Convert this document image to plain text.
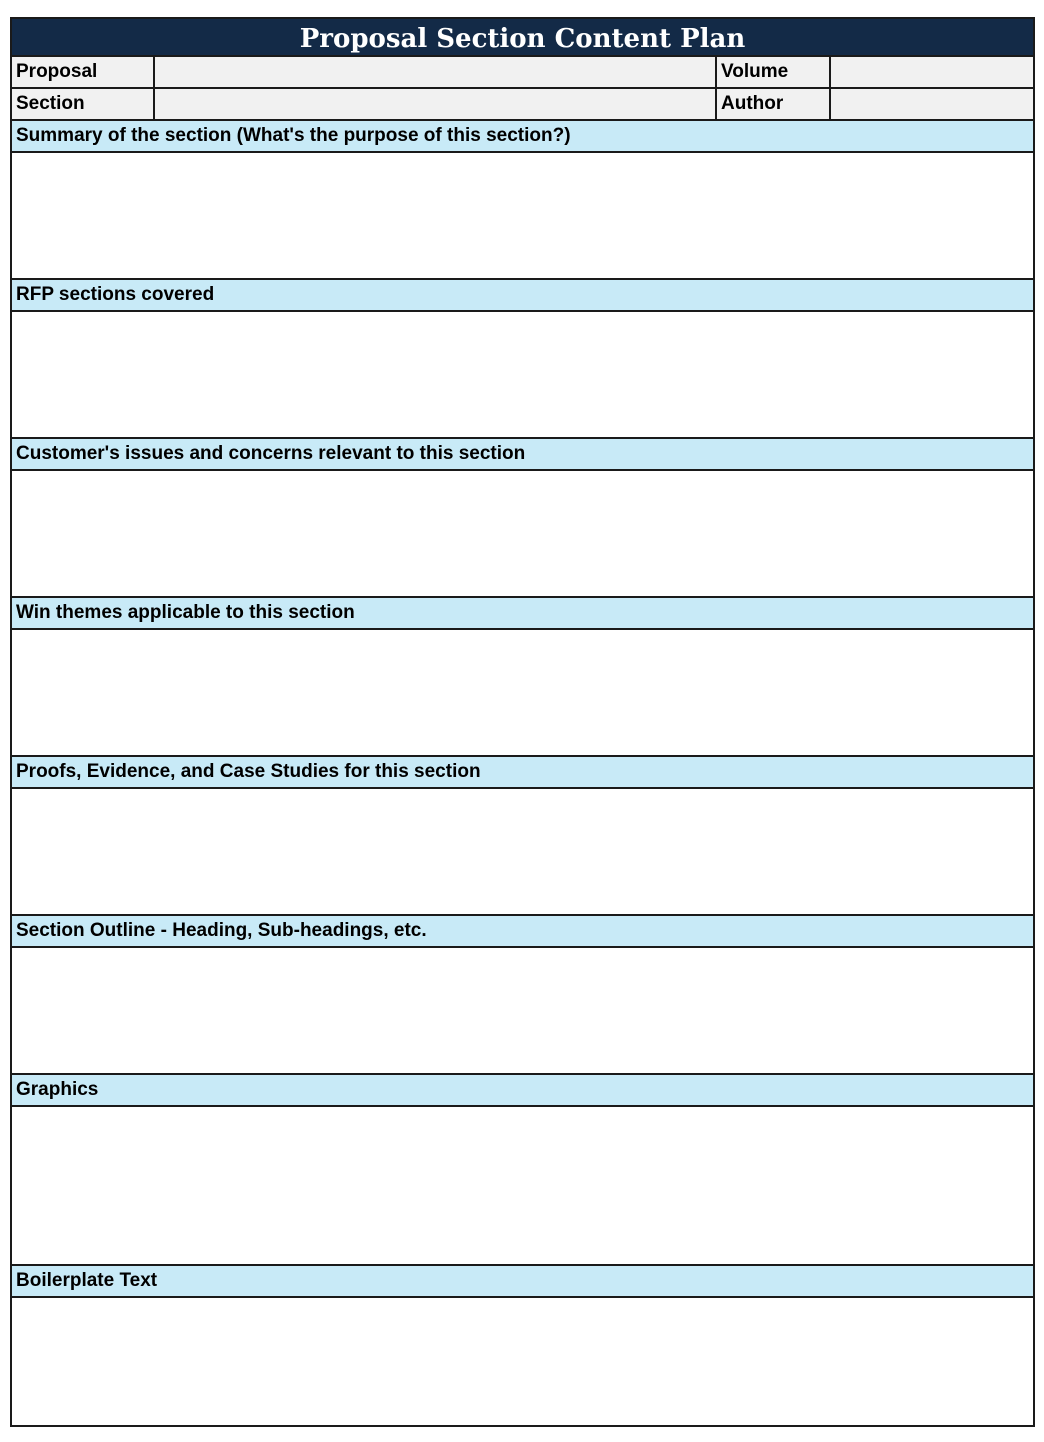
Proposal Section Content Plan
Proposal	Volume
Section	Author
Summary of the section (What's the purpose of this section?)
RFP sections covered
Customer's issues and concerns relevant to this section
Win themes applicable to this section
Proofs, Evidence, and Case Studies for this section
Section Outline - Heading, Sub-headings, etc.
Graphics
Boilerplate Text
